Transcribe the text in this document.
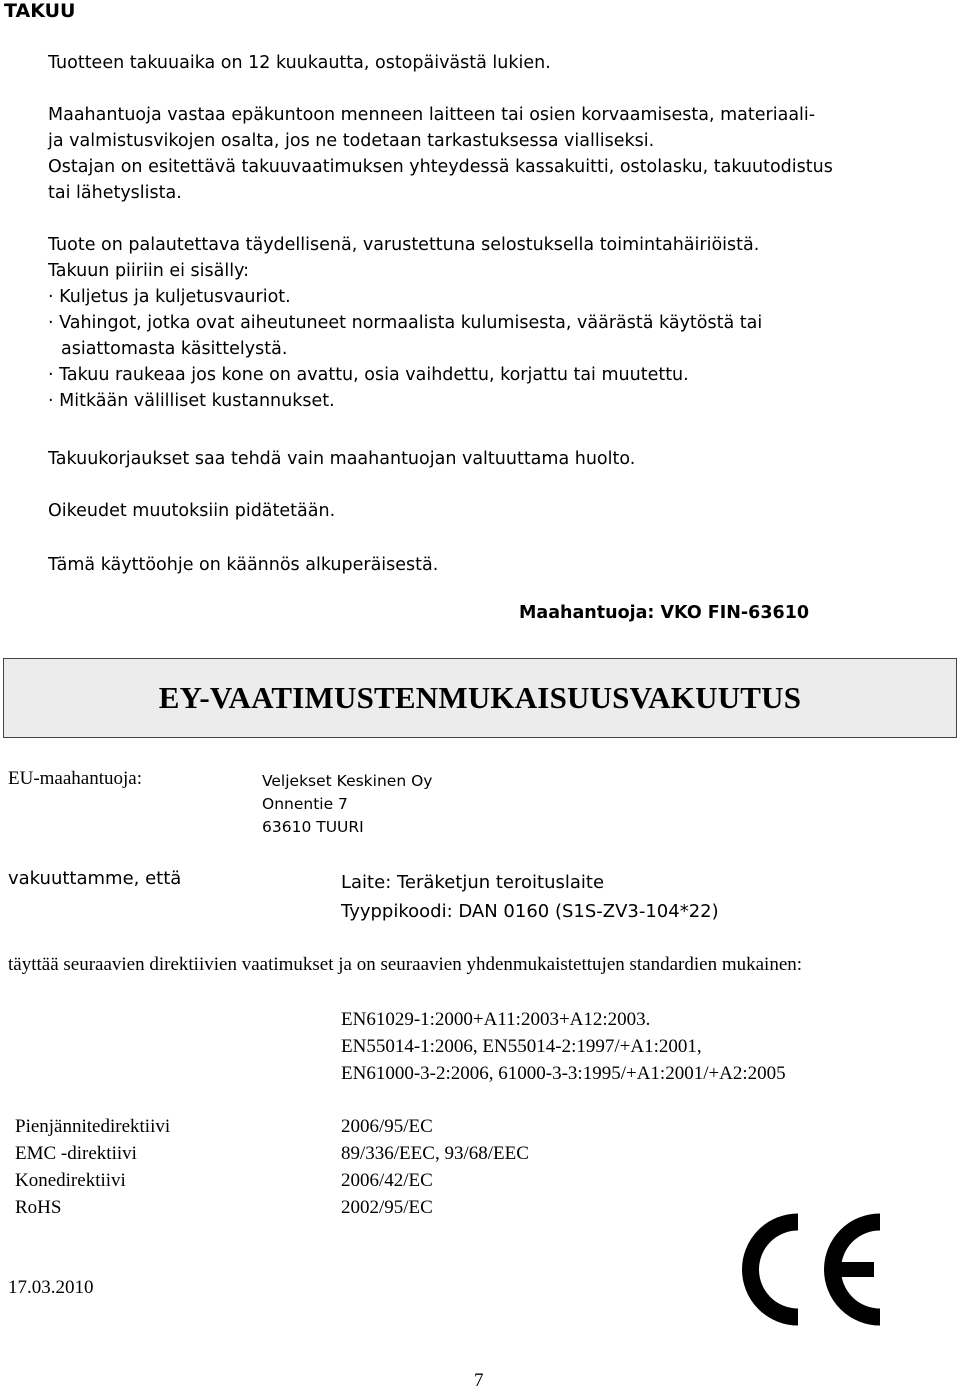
TAKUU
Tuotteen takuuaika on 12 kuukautta, ostopäivästä lukien.
Maahantuoja vastaa epäkuntoon menneen laitteen tai osien korvaamisesta, materiaali-
ja valmistusvikojen osalta, jos ne todetaan tarkastuksessa vialliseksi.
Ostajan on esitettävä takuuvaatimuksen yhteydessä kassakuitti, ostolasku, takuutodistus
tai lähetyslista.
Tuote on palautettava täydellisenä, varustettuna selostuksella toimintahäiriöistä.
Takuun piiriin ei sisälly:
· Kuljetus ja kuljetusvauriot.
· Vahingot, jotka ovat aiheutuneet normaalista kulumisesta, väärästä käytöstä tai
asiattomasta käsittelystä.
· Takuu raukeaa jos kone on avattu, osia vaihdettu, korjattu tai muutettu.
· Mitkään välilliset kustannukset.
Takuukorjaukset saa tehdä vain maahantuojan valtuuttama huolto.
Oikeudet muutoksiin pidätetään.
Tämä käyttöohje on käännös alkuperäisestä.
Maahantuoja: VKO FIN-63610
EY-VAATIMUSTENMUKAISUUSVAKUUTUS
EU-maahantuoja:	Veljekset Keskinen Oy
Onnentie 7
63610 TUURI
vakuuttamme, että	Laite: Teräketjun teroituslaite
Tyyppikoodi: DAN 0160 (S1S-ZV3-104*22)
täyttää seuraavien direktiivien vaatimukset ja on seuraavien yhdenmukaistettujen standardien mukainen:
EN61029-1:2000+A11:2003+A12:2003.
EN55014-1:2006, EN55014-2:1997/+A1:2001,
EN61000-3-2:2006, 61000-3-3:1995/+A1:2001/+A2:2005
Pienjännitedirektiivi
EMC -direktiivi
Konedirektiivi
RoHS
2006/95/EC
89/336/EEC, 93/68/EEC
2006/42/EC
2002/95/EC
17.03.2010
7
